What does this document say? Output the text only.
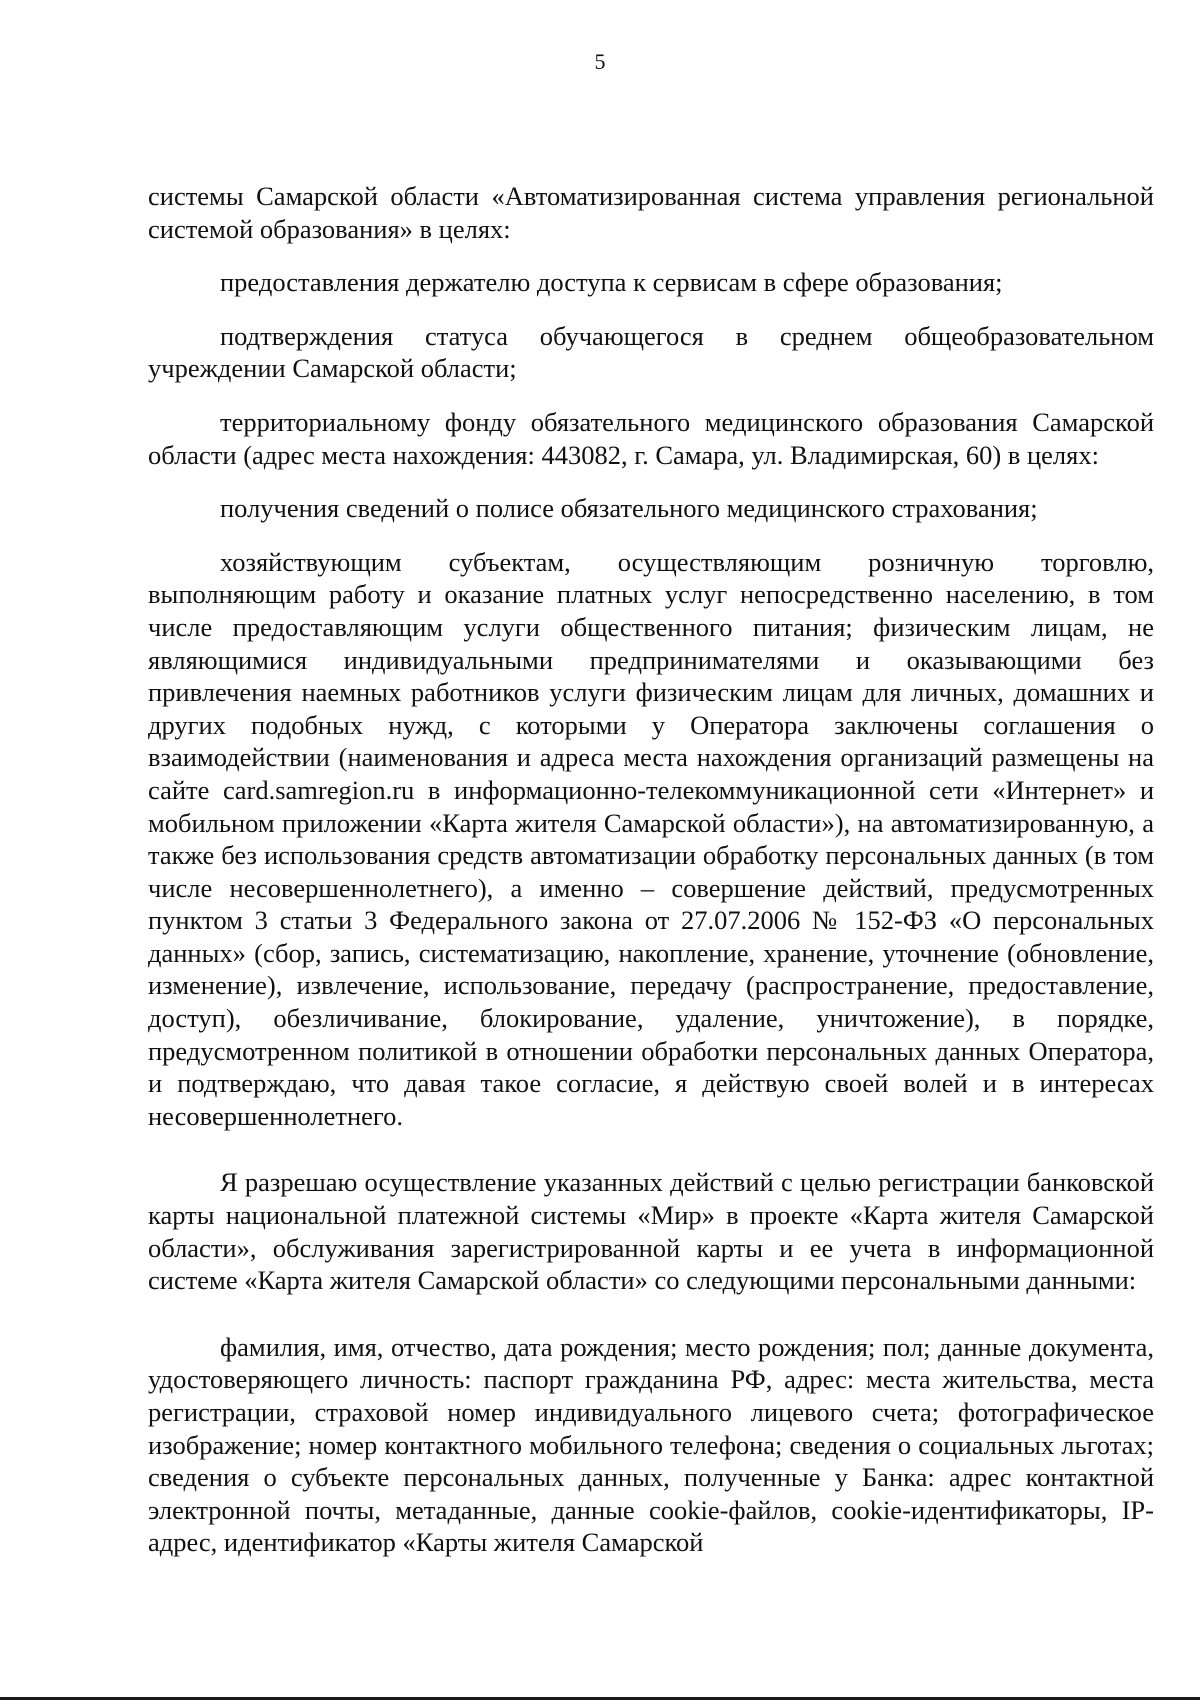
5

системы Самарской области «Автоматизированная система управления региональной системой образования» в целях:

предоставления держателю доступа к сервисам в сфере образования;

подтверждения статуса обучающегося в среднем общеобразовательном учреждении Самарской области;

территориальному фонду обязательного медицинского образования Самарской области (адрес места нахождения: 443082, г. Самара, ул. Владимирская, 60) в целях:

получения сведений о полисе обязательного медицинского страхования;

хозяйствующим субъектам, осуществляющим розничную торговлю, выполняющим работу и оказание платных услуг непосредственно населению, в том числе предоставляющим услуги общественного питания; физическим лицам, не являющимися индивидуальными предпринимателями и оказывающими без привлечения наемных работников услуги физическим лицам для личных, домашних и других подобных нужд, с которыми у Оператора заключены соглашения о взаимодействии (наименования и адреса места нахождения организаций размещены на сайте card.samregion.ru в информационно-телекоммуникационной сети «Интернет» и мобильном приложении «Карта жителя Самарской области»), на автоматизированную, а также без использования средств автоматизации обработку персональных данных (в том числе несовершеннолетнего), а именно – совершение действий, предусмотренных пунктом 3 статьи 3 Федерального закона от 27.07.2006 № 152-ФЗ «О персональных данных» (сбор, запись, систематизацию, накопление, хранение, уточнение (обновление, изменение), извлечение, использование, передачу (распространение, предоставление, доступ), обезличивание, блокирование, удаление, уничтожение), в порядке, предусмотренном политикой в отношении обработки персональных данных Оператора, и подтверждаю, что давая такое согласие, я действую своей волей и в интересах несовершеннолетнего.

Я разрешаю осуществление указанных действий с целью регистрации банковской карты национальной платежной системы «Мир» в проекте «Карта жителя Самарской области», обслуживания зарегистрированной карты и ее учета в информационной системе «Карта жителя Самарской области» со следующими персональными данными:

фамилия, имя, отчество, дата рождения; место рождения; пол; данные документа, удостоверяющего личность: паспорт гражданина РФ, адрес: места жительства, места регистрации, страховой номер индивидуального лицевого счета; фотографическое изображение; номер контактного мобильного телефона; сведения о социальных льготах; сведения о субъекте персональных данных, полученные у Банка: адрес контактной электронной почты, метаданные, данные cookie-файлов, cookie-идентификаторы, IP-адрес, идентификатор «Карты жителя Самарской
